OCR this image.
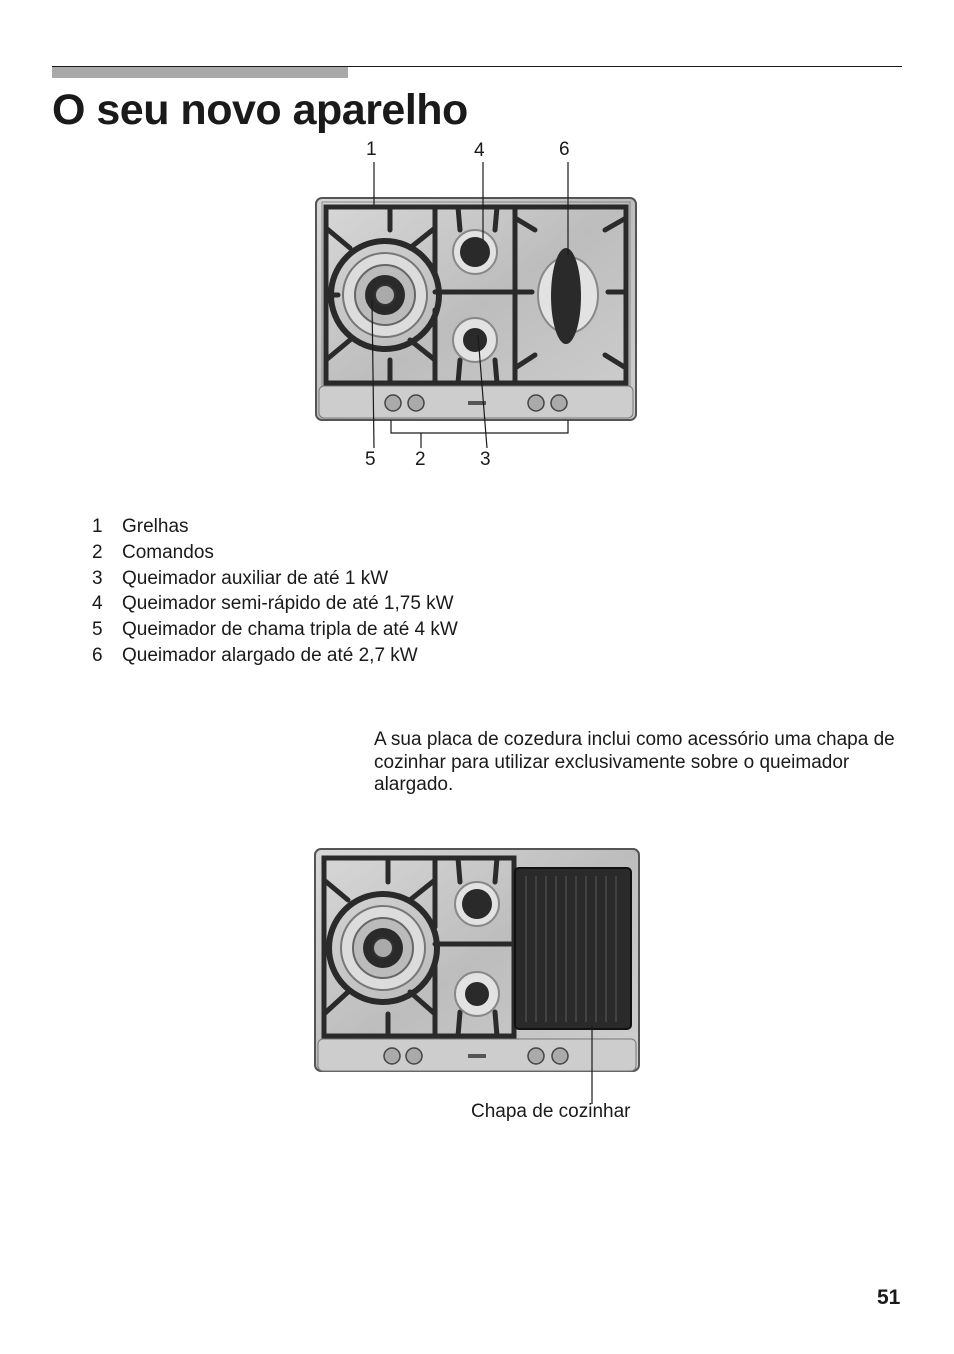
O seu novo aparelho
1	4	6
5 2	3
1 Grelhas
2 Comandos
3 Queimador auxiliar de até 1 kW
4 Queimador semi-rápido de até 1,75 kW
5 Queimador de chama tripla de até 4 kW
6 Queimador alargado de até 2,7 kW

A sua placa de cozedura inclui como acessório uma chapa de cozinhar para utilizar exclusivamente sobre o queimador alargado.

Chapa de cozinhar
51
